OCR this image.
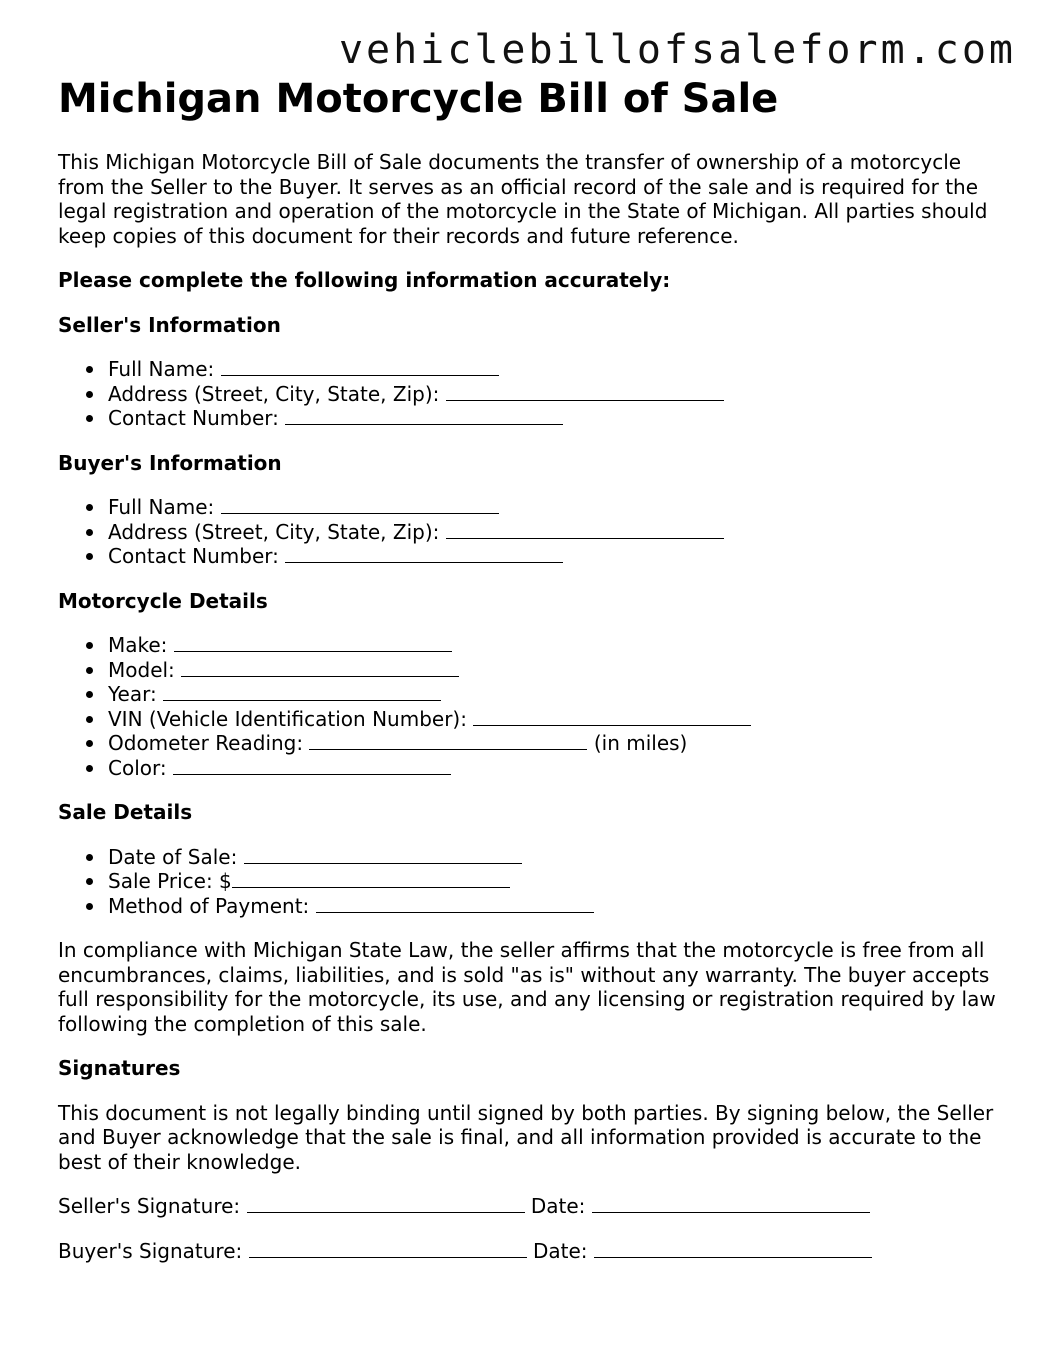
vehiclebillofsaleform.com
Michigan Motorcycle Bill of Sale

This Michigan Motorcycle Bill of Sale documents the transfer of ownership of a motorcycle from the Seller to the Buyer. It serves as an official record of the sale and is required for the legal registration and operation of the motorcycle in the State of Michigan. All parties should keep copies of this document for their records and future reference.

Please complete the following information accurately:
Seller's Information
Full Name:
Address (Street, City, State, Zip):
Contact Number:
Buyer's Information
Full Name:
Address (Street, City, State, Zip):
Contact Number:
Motorcycle Details
Make:
Model:
Year:
VIN (Vehicle Identification Number):
Odometer Reading:	(in miles)
Color:
Sale Details
Date of Sale:
Sale Price: $
Method of Payment:

In compliance with Michigan State Law, the seller affirms that the motorcycle is free from all encumbrances, claims, liabilities, and is sold "as is" without any warranty. The buyer accepts full responsibility for the motorcycle, its use, and any licensing or registration required by law following the completion of this sale.

Signatures

This document is not legally binding until signed by both parties. By signing below, the Seller and Buyer acknowledge that the sale is final, and all information provided is accurate to the best of their knowledge.

Seller's Signature:	Date:
Buyer's Signature:	Date:
